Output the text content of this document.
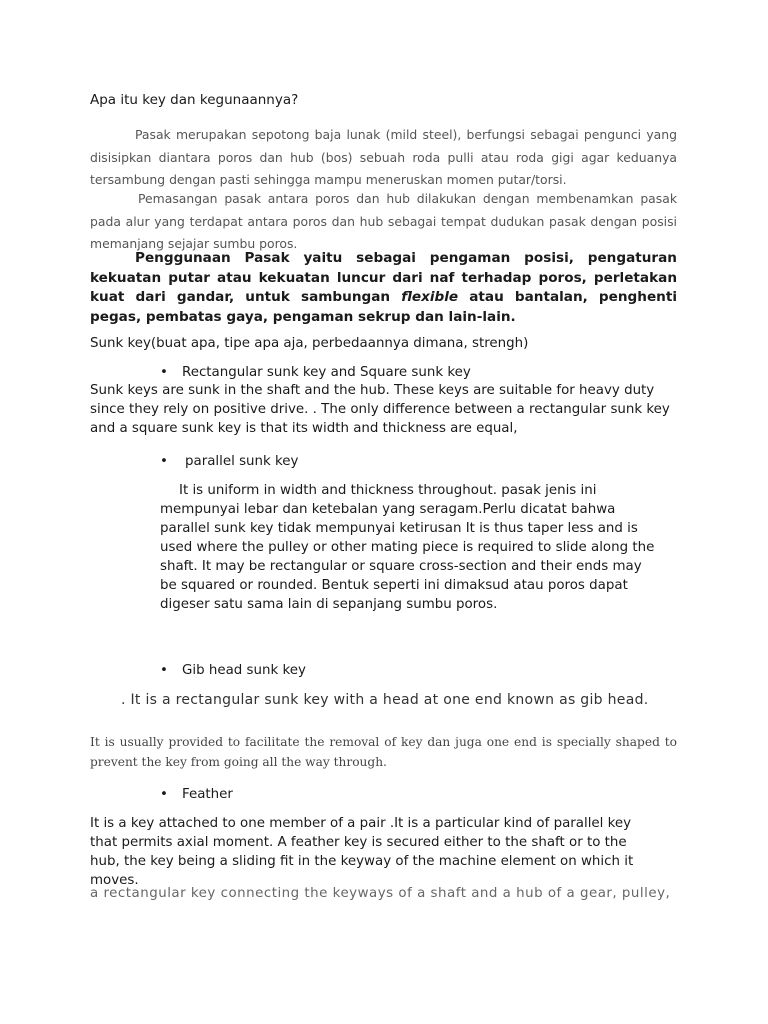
Apa itu key dan kegunaannya?

Pasak merupakan sepotong baja lunak (mild steel), berfungsi sebagai pengunci yang disisipkan diantara poros dan hub (bos) sebuah roda pulli atau roda gigi agar keduanya tersambung dengan pasti sehingga mampu meneruskan momen putar/torsi.

Pemasangan pasak antara poros dan hub dilakukan dengan membenamkan pasak pada alur yang terdapat antara poros dan hub sebagai tempat dudukan pasak dengan posisi memanjang sejajar sumbu poros.

Penggunaan Pasak yaitu sebagai pengaman posisi, pengaturan kekuatan putar atau kekuatan luncur dari naf terhadap poros, perletakan kuat dari gandar, untuk sambungan flexible atau bantalan, penghenti pegas, pembatas gaya, pengaman sekrup dan lain-lain.

Sunk key(buat apa, tipe apa aja, perbedaannya dimana, strengh)
• Rectangular sunk key and Square sunk key

Sunk keys are sunk in the shaft and the hub. These keys are suitable for heavy duty since they rely on positive drive. . The only difference between a rectangular sunk key and a square sunk key is that its width and thickness are equal,

• parallel sunk key

It is uniform in width and thickness throughout. pasak jenis ini mempunyai lebar dan ketebalan yang seragam.Perlu dicatat bahwa parallel sunk key tidak mempunyai ketirusan It is thus taper less and is used where the pulley or other mating piece is required to slide along the shaft. It may be rectangular or square cross-section and their ends may be squared or rounded. Bentuk seperti ini dimaksud atau poros dapat digeser satu sama lain di sepanjang sumbu poros.

• Gib head sunk key

. It is a rectangular sunk key with a head at one end known as gib head.

It is usually provided to facilitate the removal of key dan juga one end is specially shaped to prevent the key from going all the way through.

• Feather

It is a key attached to one member of a pair .It is a particular kind of parallel key that permits axial moment. A feather key is secured either to the shaft or to the hub, the key being a sliding fit in the keyway of the machine element on which it moves.

a rectangular key connecting the keyways of a shaft and a hub of a gear, pulley,
